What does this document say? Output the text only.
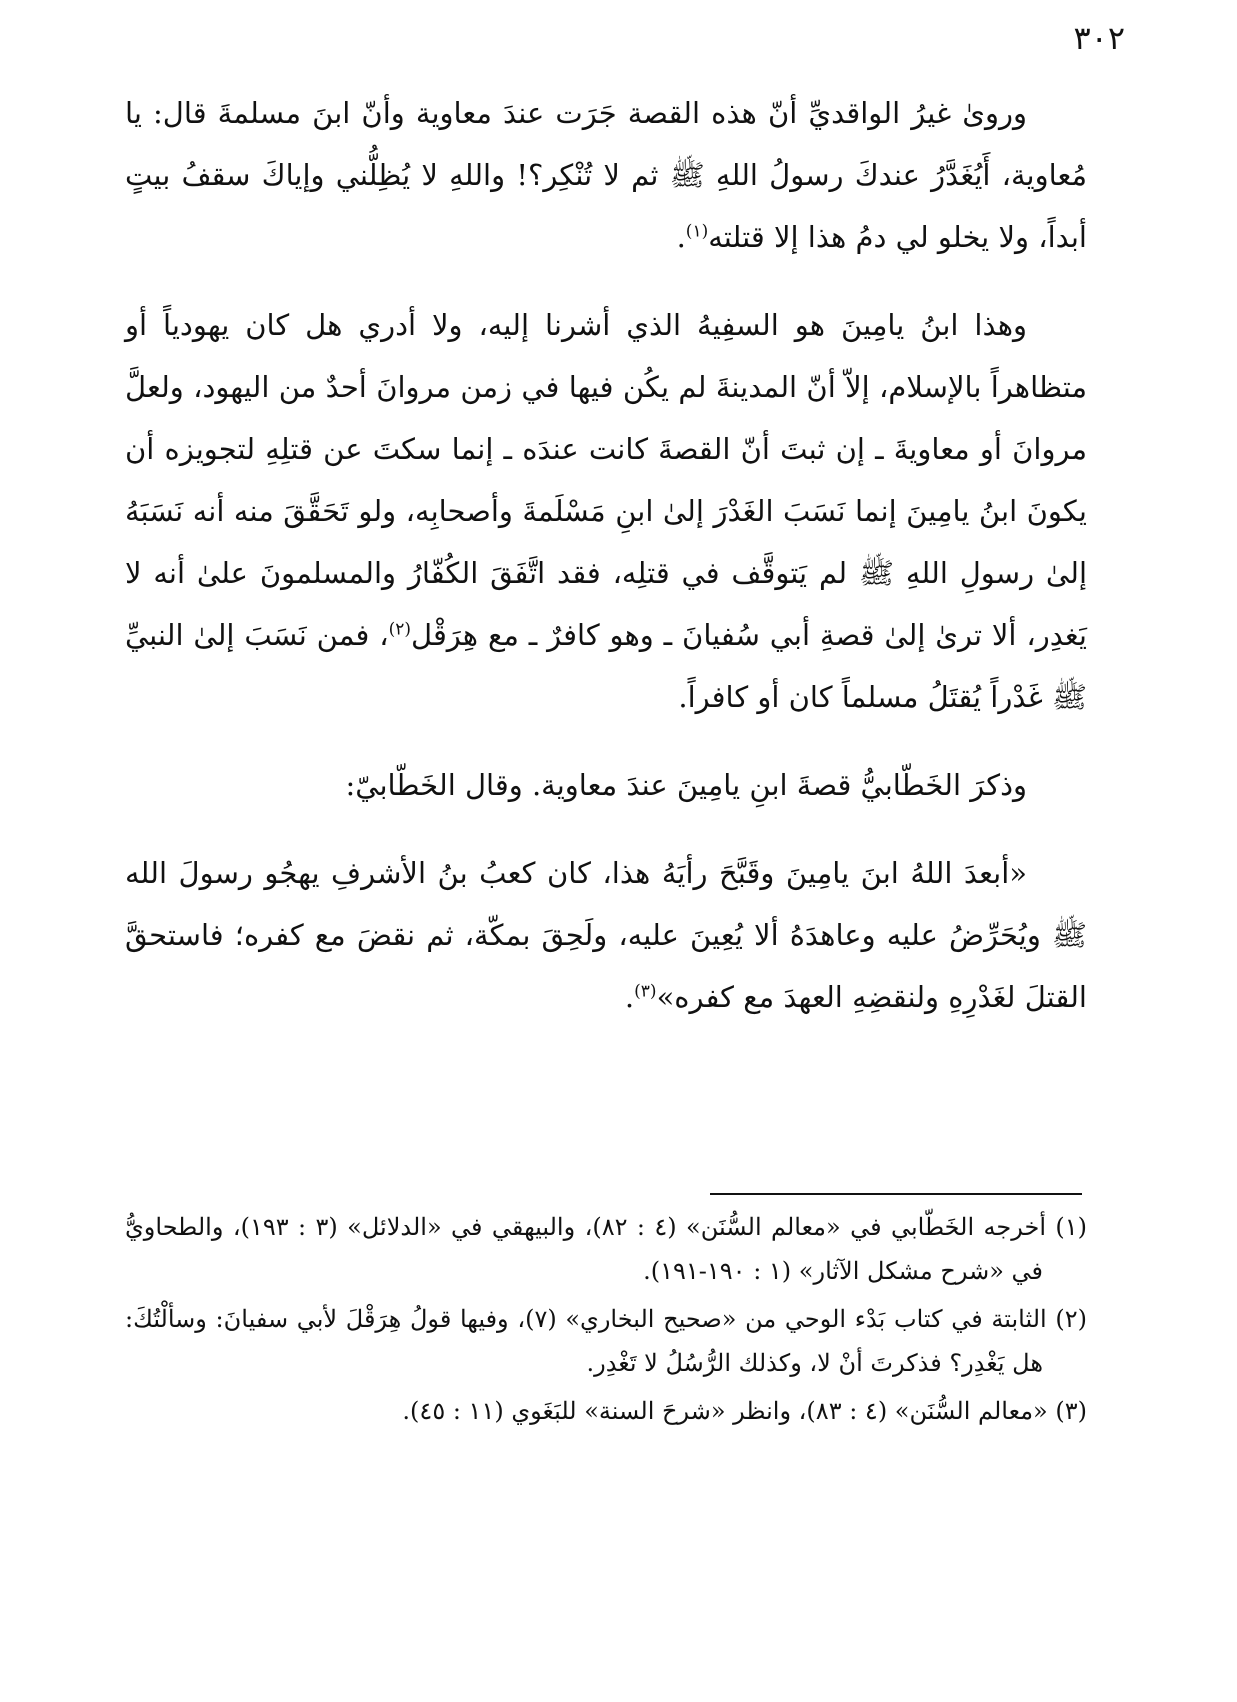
٣٠٢

وروىٰ غيرُ الواقديِّ أنّ هذه القصة جَرَت عندَ معاوية وأنّ ابنَ مسلمةَ قال: يا مُعاوية، أَيُغَدَّرُ عندكَ رسولُ اللهِ ﷺ ثم لا تُنْكِر؟! واللهِ لا يُظِلُّني وإياكَ سقفُ بيتٍ أبداً، ولا يخلو لي دمُ هذا إلا قتلته$^{(١)}$.

وهذا ابنُ يامِينَ هو السفِيهُ الذي أشرنا إليه، ولا أدري هل كان يهودياً أو متظاهراً بالإسلام، إلاّ أنّ المدينةَ لم يكُن فيها في زمن مروانَ أحدٌ من اليهود، ولعلَّ مروانَ أو معاويةَ ـ إن ثبتَ أنّ القصةَ كانت عندَه ـ إنما سكتَ عن قتلِهِ لتجويزه أن يكونَ ابنُ يامِينَ إنما نَسَبَ الغَدْرَ إلىٰ ابنِ مَسْلَمةَ وأصحابِه، ولو تَحَقَّقَ منه أنه نَسَبَهُ إلىٰ رسولِ اللهِ ﷺ لم يَتوقَّف في قتلِه، فقد اتَّفَقَ الكُفّارُ والمسلمونَ علىٰ أنه لا يَغدِر، ألا ترىٰ إلىٰ قصةِ أبي سُفيانَ ـ وهو كافرٌ ـ مع هِرَقْل$^{(٢)}$، فمن نَسَبَ إلىٰ النبيِّ ﷺ غَدْراً يُقتَلُ مسلماً كان أو كافراً.

وذكرَ الخَطّابيُّ قصةَ ابنِ يامِينَ عندَ معاوية. وقال الخَطّابيّ:

«أبعدَ اللهُ ابنَ يامِينَ وقَبَّحَ رأيَهُ هذا، كان كعبُ بنُ الأشرفِ يهجُو رسولَ الله ﷺ ويُحَرِّضُ عليه وعاهدَهُ ألا يُعِينَ عليه، ولَحِقَ بمكّة، ثم نقضَ مع كفره؛ فاستحقَّ القتلَ لغَدْرِهِ ولنقضِهِ العهدَ مع كفره»$^{(٣)}$.

(١) أخرجه الخَطّابي في «معالم السُّنَن» (٤ : ٨٢)، والبيهقي في «الدلائل» (٣ : ١٩٣)، والطحاويُّ في «شرح مشكل الآثار» (١ : ١٩٠-١٩١).

(٢) الثابتة في كتاب بَدْء الوحي من «صحيح البخاري» (٧)، وفيها قولُ هِرَقْلَ لأبي سفيانَ: وسألْتُكَ: هل يَغْدِر؟ فذكرتَ أنْ لا، وكذلك الرُّسُلُ لا تَغْدِر.

(٣) «معالم السُّنَن» (٤ : ٨٣)، وانظر «شرحَ السنة» للبَغَوي (١١ : ٤٥).
